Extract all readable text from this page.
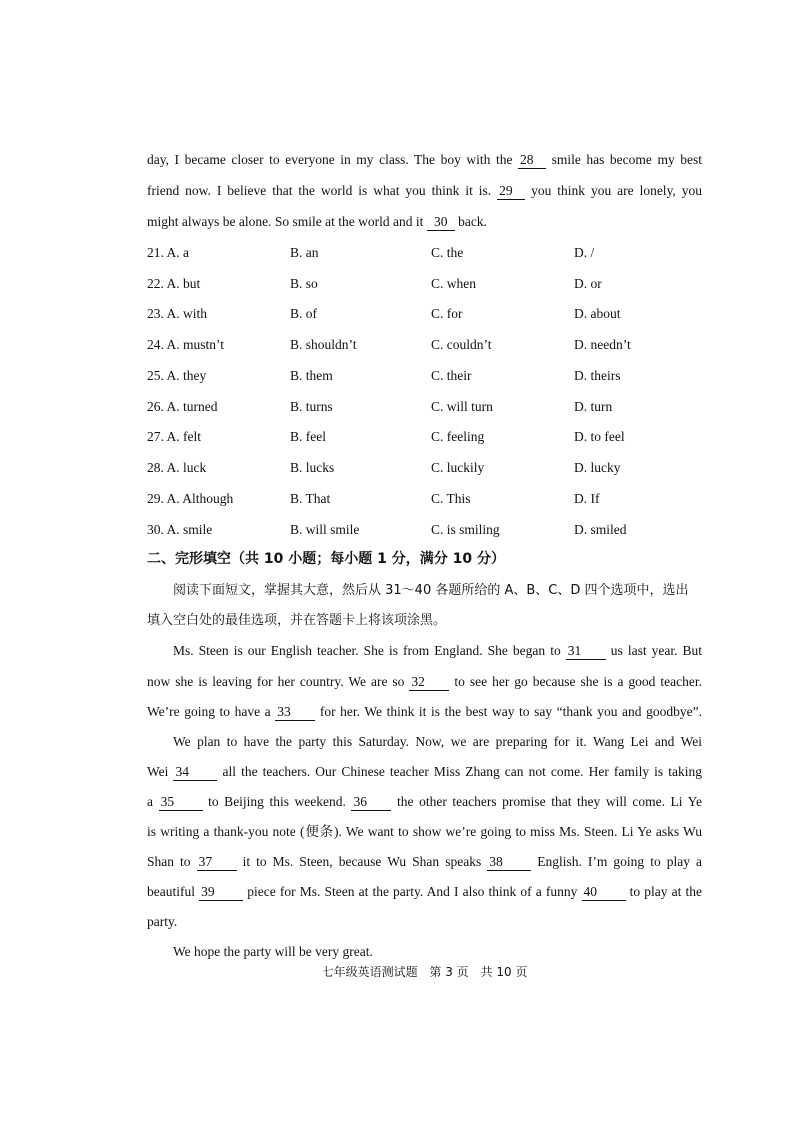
day, I became closer to everyone in my class. The boy with the 28 smile has become my best
friend now. I believe that the world is what you think it is. 29 you think you are lonely, you
might always be alone. So smile at the world and it 30 back.
21. A. a	B. an	C. the	D. /
22. A. but	B. so	C. when	D. or
23. A. with	B. of	C. for	D. about
24. A. mustn’t	B. shouldn’t	C. couldn’t	D. needn’t
25. A. they	B. them	C. their	D. theirs
26. A. turned	B. turns	C. will turn	D. turn
27. A. felt	B. feel	C. feeling	D. to feel
28. A. luck	B. lucks	C. luckily	D. lucky
29. A. Although	B. That	C. This	D. If
30. A. smile	B. will smile	C. is smiling	D. smiled
二、完形填空（共 10 小题；每小题 1 分，满分 10 分）
阅读下面短文，掌握其大意，然后从 31～40 各题所给的 A、B、C、D 四个选项中，选出
填入空白处的最佳选项，并在答题卡上将该项涂黑。
Ms. Steen is our English teacher. She is from England. She began to 31 us last year. But
now she is leaving for her country. We are so 32 to see her go because she is a good teacher.
We’re going to have a 33 for her. We think it is the best way to say “thank you and goodbye”.
We plan to have the party this Saturday. Now, we are preparing for it. Wang Lei and Wei
Wei 34 all the teachers. Our Chinese teacher Miss Zhang can not come. Her family is taking
a 35	to Beijing this weekend. 36 the other teachers promise that they will come. Li Ye
is writing a thank-you note (便条). We want to show we’re going to miss Ms. Steen. Li Ye asks Wu
Shan to 37 it to Ms. Steen, because Wu Shan speaks 38	English. I’m going to play a
beautiful 39 piece for Ms. Steen at the party. And I also think of a funny 40 to play at the
party.
We hope the party will be very great.
七年级英语测试题 第 3 页 共 10 页
